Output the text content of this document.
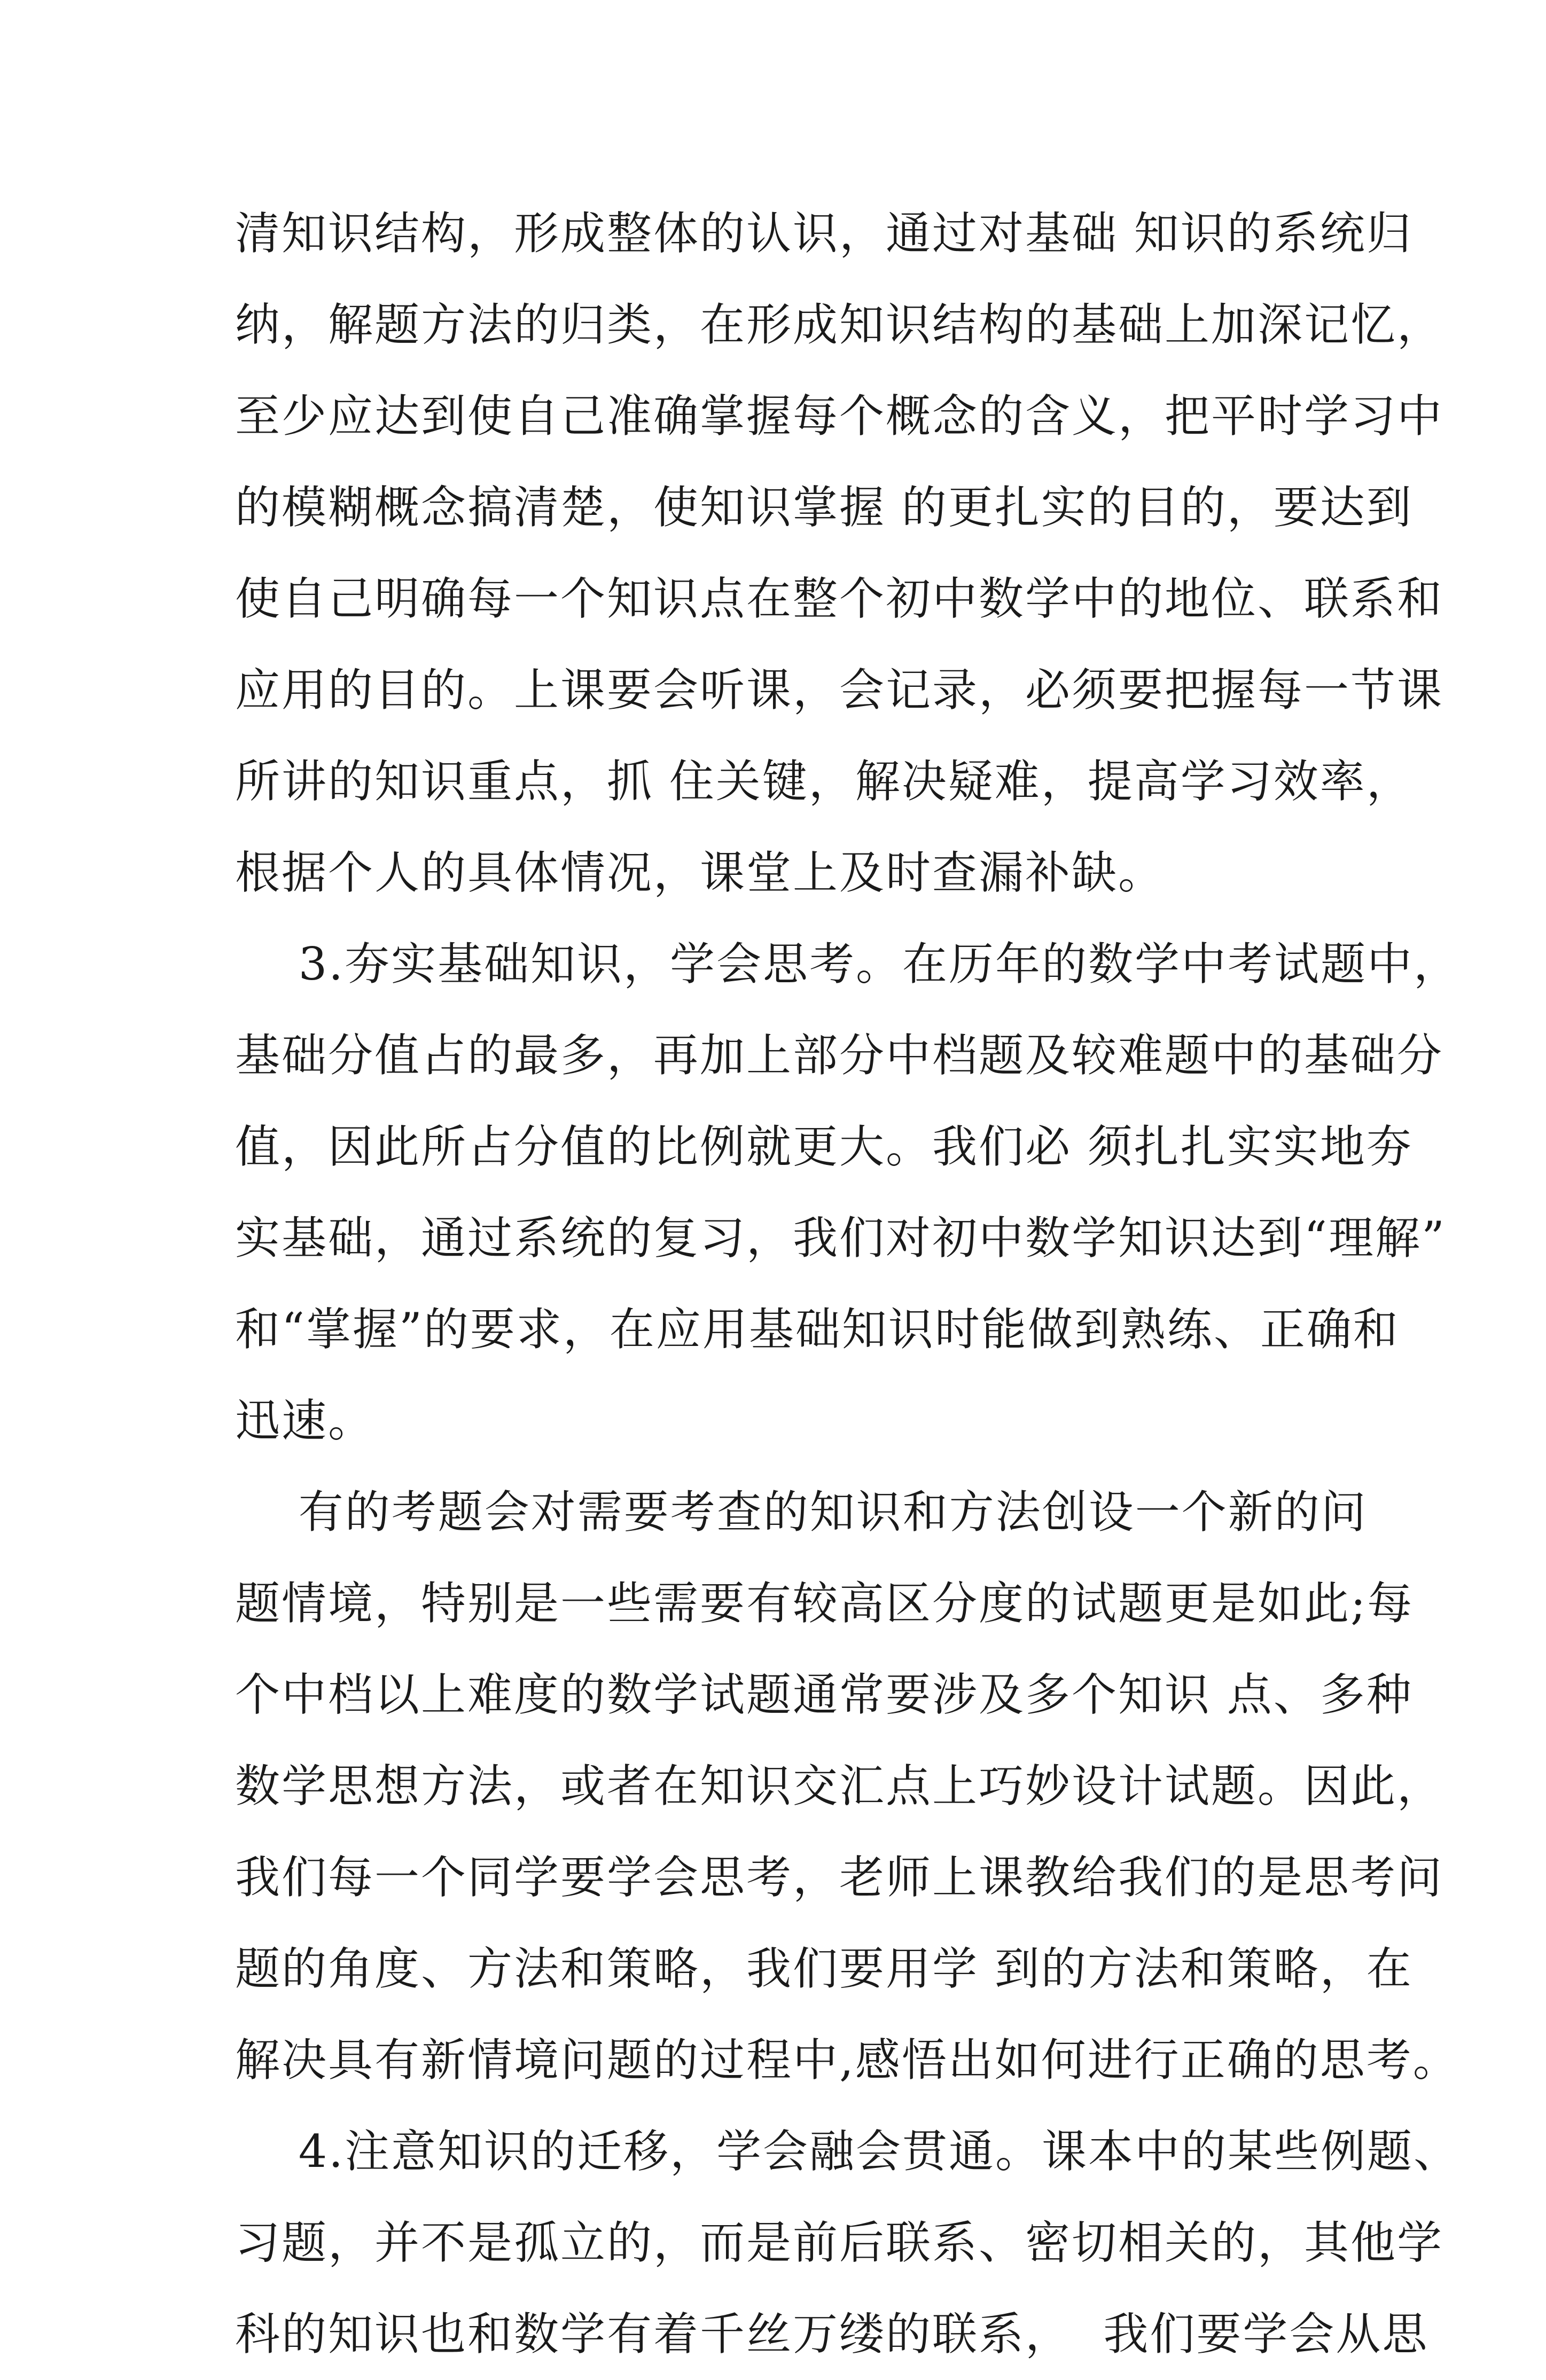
清知识结构，形成整体的认识，通过对基础 知识的系统归
纳，解题方法的归类，在形成知识结构的基础上加深记忆，
至少应达到使自己准确掌握每个概念的含义，把平时学习中
的模糊概念搞清楚，使知识掌握 的更扎实的目的，要达到
使自己明确每一个知识点在整个初中数学中的地位、联系和
应用的目的。上课要会听课，会记录，必须要把握每一节课
所讲的知识重点，抓 住关键，解决疑难，提高学习效率，
根据个人的具体情况，课堂上及时查漏补缺。
3.夯实基础知识，学会思考。在历年的数学中考试题中，
基础分值占的最多，再加上部分中档题及较难题中的基础分
值，因此所占分值的比例就更大。我们必 须扎扎实实地夯
实基础，通过系统的复习，我们对初中数学知识达到“理解”
和“掌握”的要求，在应用基础知识时能做到熟练、正确和
迅速。
有的考题会对需要考查的知识和方法创设一个新的问
题情境，特别是一些需要有较高区分度的试题更是如此;每
个中档以上难度的数学试题通常要涉及多个知识 点、多种
数学思想方法，或者在知识交汇点上巧妙设计试题。因此，
我们每一个同学要学会思考，老师上课教给我们的是思考问
题的角度、方法和策略，我们要用学 到的方法和策略，在
解决具有新情境问题的过程中,感悟出如何进行正确的思考。
4.注意知识的迁移，学会融会贯通。课本中的某些例题、
习题，并不是孤立的，而是前后联系、密切相关的，其他学
科的知识也和数学有着千丝万缕的联系，  我们要学会从思
